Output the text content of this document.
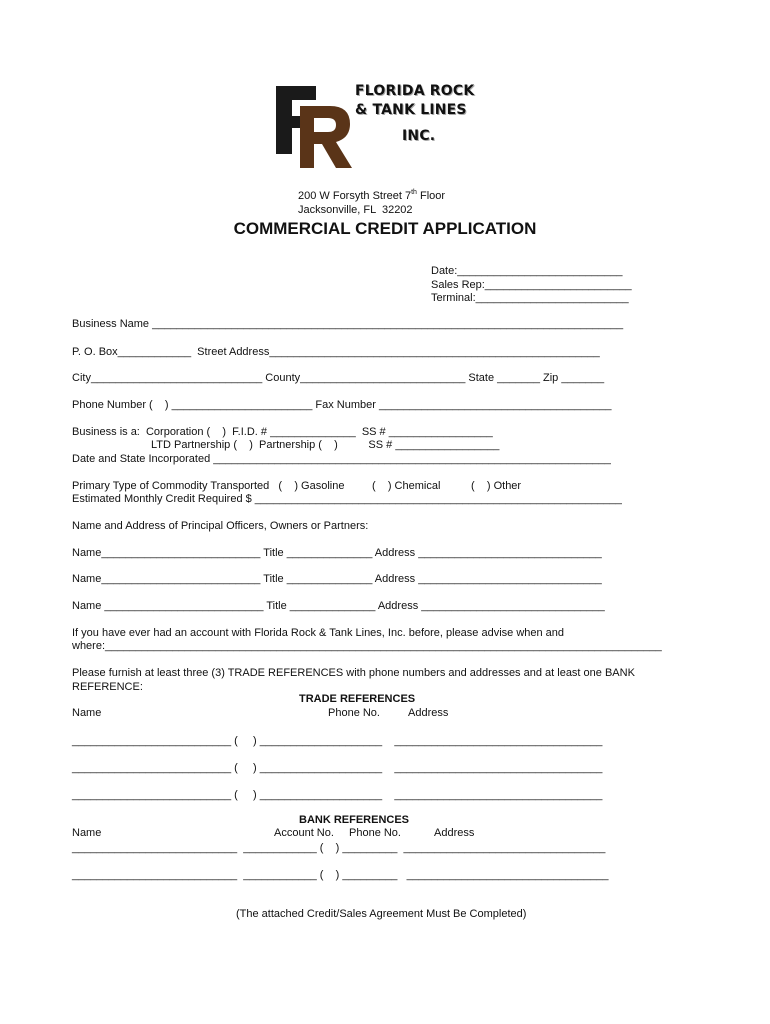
FLORIDA ROCK
& TANK LINES
INC.
200 W Forsyth Street 7th Floor
Jacksonville, FL  32202
COMMERCIAL CREDIT APPLICATION
Date:___________________________
Sales Rep:________________________
Terminal:_________________________
Business Name _____________________________________________________________________________
P. O. Box____________  Street Address______________________________________________________
City____________________________ County___________________________ State _______ Zip _______
Phone Number (    ) _______________________ Fax Number ______________________________________
Business is a:  Corporation (    )  F.I.D. # ______________  SS # _________________
LTD Partnership (    )  Partnership (    )          SS # _________________
Date and State Incorporated _________________________________________________________________
Primary Type of Commodity Transported   (    ) Gasoline         (    ) Chemical          (    ) Other
Estimated Monthly Credit Required $ ____________________________________________________________
Name and Address of Principal Officers, Owners or Partners:
Name__________________________ Title ______________ Address ______________________________
Name__________________________ Title ______________ Address ______________________________
Name __________________________ Title ______________ Address ______________________________
If you have ever had an account with Florida Rock & Tank Lines, Inc. before, please advise when and
where:___________________________________________________________________________________________
Please furnish at least three (3) TRADE REFERENCES with phone numbers and addresses and at least one BANK
REFERENCE:
TRADE REFERENCES
Name	Phone No.	Address
__________________________ (     ) ____________________    __________________________________
__________________________ (     ) ____________________    __________________________________
__________________________ (     ) ____________________    __________________________________
BANK REFERENCES
Name	Account No. Phone No.	Address
___________________________  ____________ (    ) _________  _________________________________
___________________________  ____________ (    ) _________   _________________________________
(The attached Credit/Sales Agreement Must Be Completed)
